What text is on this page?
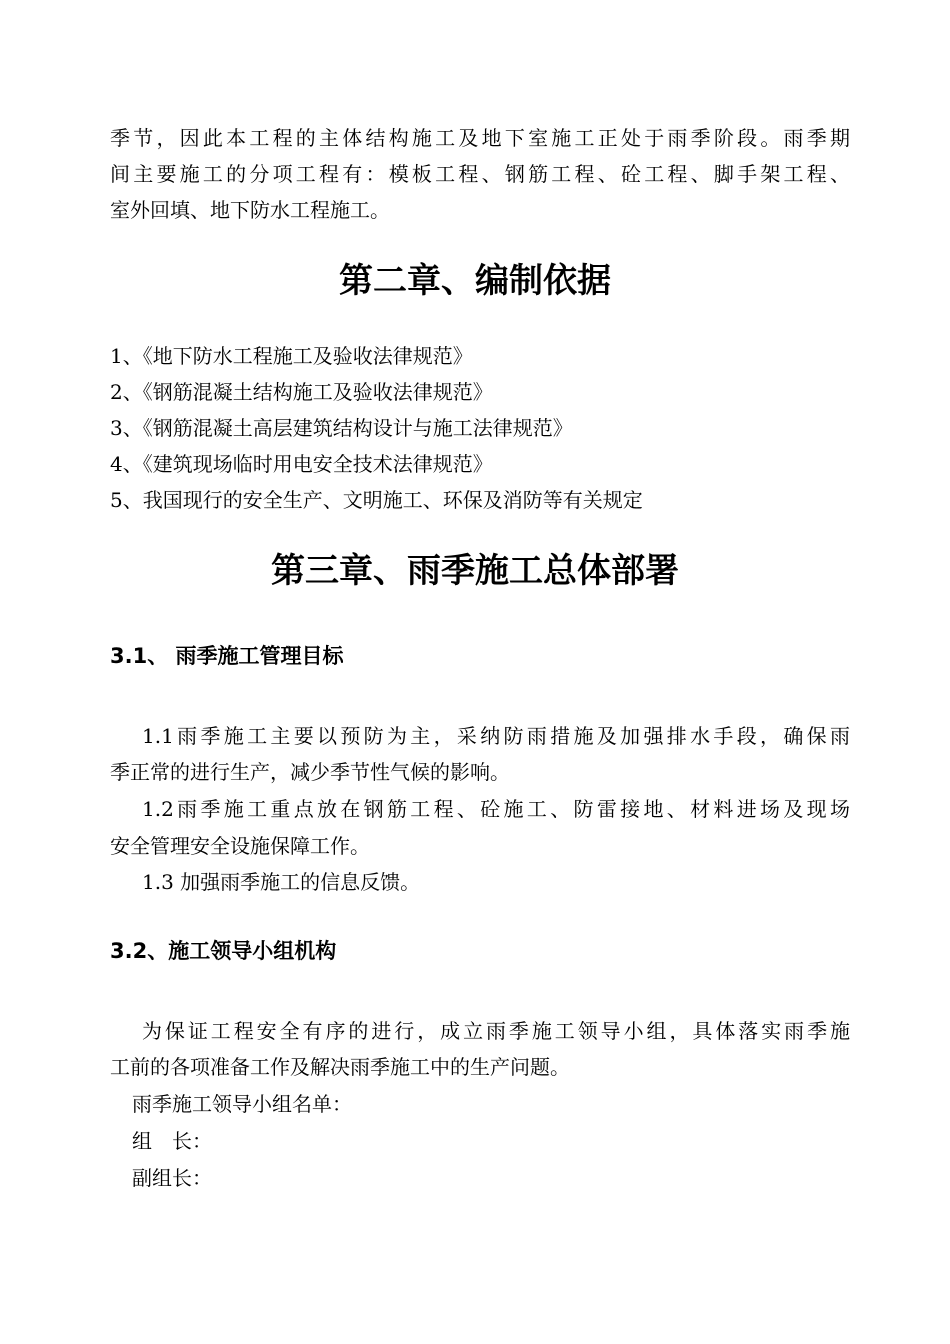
季节，因此本工程的主体结构施工及地下室施工正处于雨季阶段。雨季期
间主要施工的分项工程有：模板工程、钢筋工程、砼工程、脚手架工程、
室外回填、地下防水工程施工。
第二章、编制依据
1、《地下防水工程施工及验收法律规范》
2、《钢筋混凝土结构施工及验收法律规范》
3、《钢筋混凝土高层建筑结构设计与施工法律规范》
4、《建筑现场临时用电安全技术法律规范》
5、我国现行的安全生产、文明施工、环保及消防等有关规定
第三章、雨季施工总体部署
3.1、 雨季施工管理目标
1.1雨季施工主要以预防为主，采纳防雨措施及加强排水手段，确保雨
季正常的进行生产，减少季节性气候的影响。
1.2雨季施工重点放在钢筋工程、砼施工、防雷接地、材料进场及现场
安全管理安全设施保障工作。
1.3 加强雨季施工的信息反馈。
3.2、施工领导小组机构
为保证工程安全有序的进行，成立雨季施工领导小组，具体落实雨季施
工前的各项准备工作及解决雨季施工中的生产问题。
雨季施工领导小组名单：
组　长：
副组长：
